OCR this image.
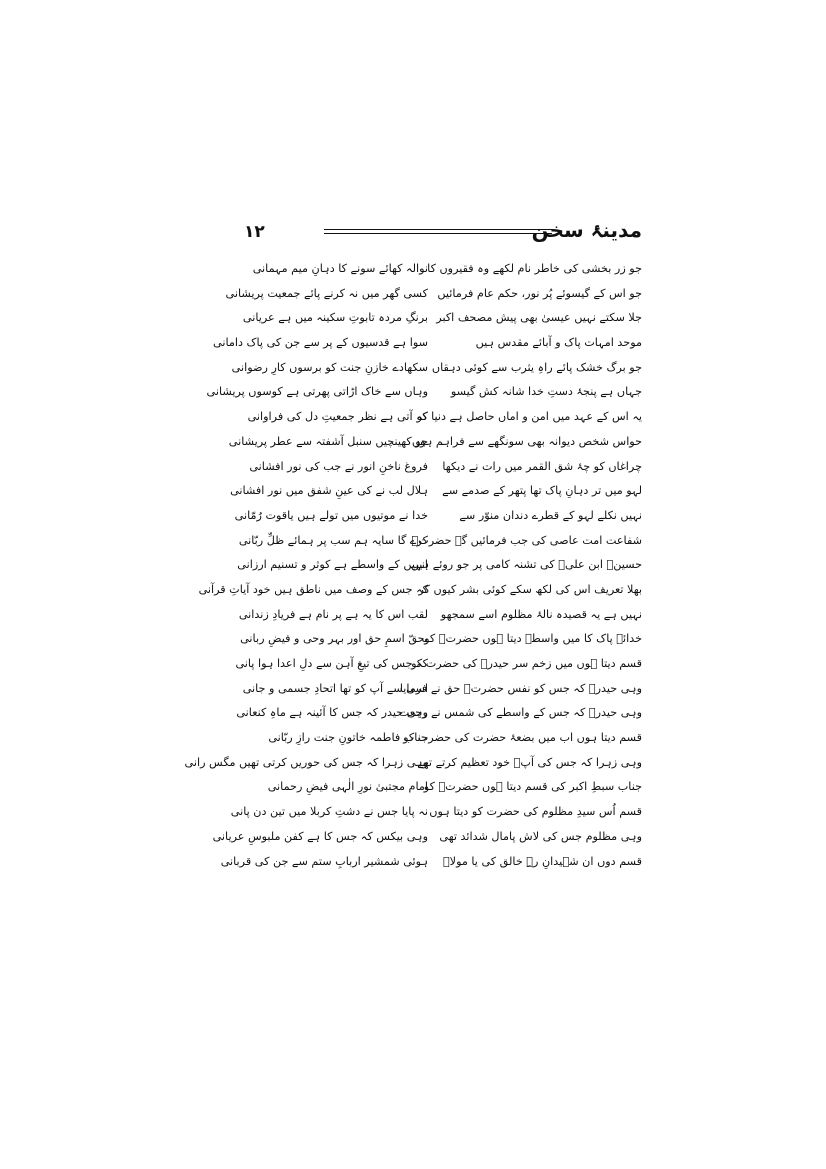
مدینۂ سخن
۱۲
جو زر بخشی کی خاطر نام لکھے وہ فقیروں کا
جو اس کے گیسوئے پُر نور، حکم عام فرمائیں
جلا سکتے نہیں عیسیٰ بھی پیش مصحف اکبر
موحد امہات پاک و آبائے مقدس ہیں
جو برگ خشک پائے راہِ یثرب سے کوئی دہقاں
جہاں ہے پنجۂ دستِ خدا شانہ کش گیسو
یہ اس کے عہد میں امن و اماں حاصل ہے دنیا کو
حواس شخص دیوانہ بھی سونگھے سے فراہم ہوں
چراغاں کو چۂ شق القمر میں رات نے دیکھا
لہو میں تر دہانِ پاک تھا پتھر کے صدمے سے
نہیں نکلے لہو کے قطرے دندان منوّر سے
شفاعت امت عاصی کی جب فرمائیں گے حضرتؐ
حسینؑ ابن علیؑ کی تشنہ کامی پر جو روئے ہیں
بھلا تعریف اس کی لکھ سکے کوئی بشر کیوں کر
نہیں ہے یہ قصیدہ نالۂ مظلوم اسے سمجھو
خدائے پاک کا میں واسطہ دیتا ہوں حضرتؐ کو
قسم دیتا ہوں میں زخم سر حیدرؑ کی حضرت کو
وہی حیدرؑ کہ جس کو نفس حضرتؐ حق نے فرمایا
وہی حیدرؑ کہ جس کے واسطے کی شمس نے رجعت
قسم دیتا ہوں اب میں بضعۂ حضرت کی حضرت کو
وہی زہرا کہ جس کی آپؐ خود تعظیم کرتے تھے
جناب سبطِ اکبر کی قسم دیتا ہوں حضرتؐ کو
قسم اُس سیدِ مظلوم کی حضرت کو دیتا ہوں
وہی مظلوم جس کی لاش پامال شدائد تھی
قسم دوں ان شہیدانِ رہِ خالق کی یا مولاؐ
نوالہ کھائے سونے کا دہانِ میم مہمانی
کسی گھر میں نہ کرنے پائے جمعیت پریشانی
برنگِ مردہ تابوتِ سکینہ میں ہے عریانی
سوا ہے قدسیوں کے پر سے جن کی پاک دامانی
سکھادے خازنِ جنت کو برسوں کارِ رضوانی
وہاں سے خاک اڑاتی پھرتی ہے کوسوں پریشانی
کہ آتی ہے نظر جمعیتِ دل کی فراوانی
جو کھینچیں سنبل آشفتہ سے عطر پریشانی
فروغ ناخنِ انور نے جب کی نور افشانی
ہلال لب نے کی عینِ شفق میں نور افشانی
خدا نے موتیوں میں تولے ہیں یاقوت رُمّانی
کرے گا سایہ ہم سب پر ہمائے ظلِّ ربّانی
انہیں کے واسطے ہے کوثر و تسنیم ارزانی
کہ جس کے وصف میں ناطق ہیں خود آیاتِ قرآنی
لقب اس کا یہ ہے پر نام ہے فریادِ زندانی
بحقّ اسمِ حق اور بہر وحی و فیضِ ربانی
کہ جس کی تیغِ آہن سے دلِ اعدا ہوا پانی
اسی سے آپ کو تھا اتحادِ جسمی و جانی
وہی حیدر کہ جس کا آئینہ ہے ماہِ کنعانی
جناب فاطمہ خاتونِ جنت رازِ ربّانی
وہی زہرا کہ جس کی حوریں کرتی تھیں مگس رانی
امام مجتبیٰ نورِ الٰہی فیضِ رحمانی
نہ پایا جس نے دشتِ کربلا میں تین دن پانی
وہی بیکس کہ جس کا ہے کفن ملبوسِ عریانی
ہوئی شمشیر اربابِ ستم سے جن کی قربانی
